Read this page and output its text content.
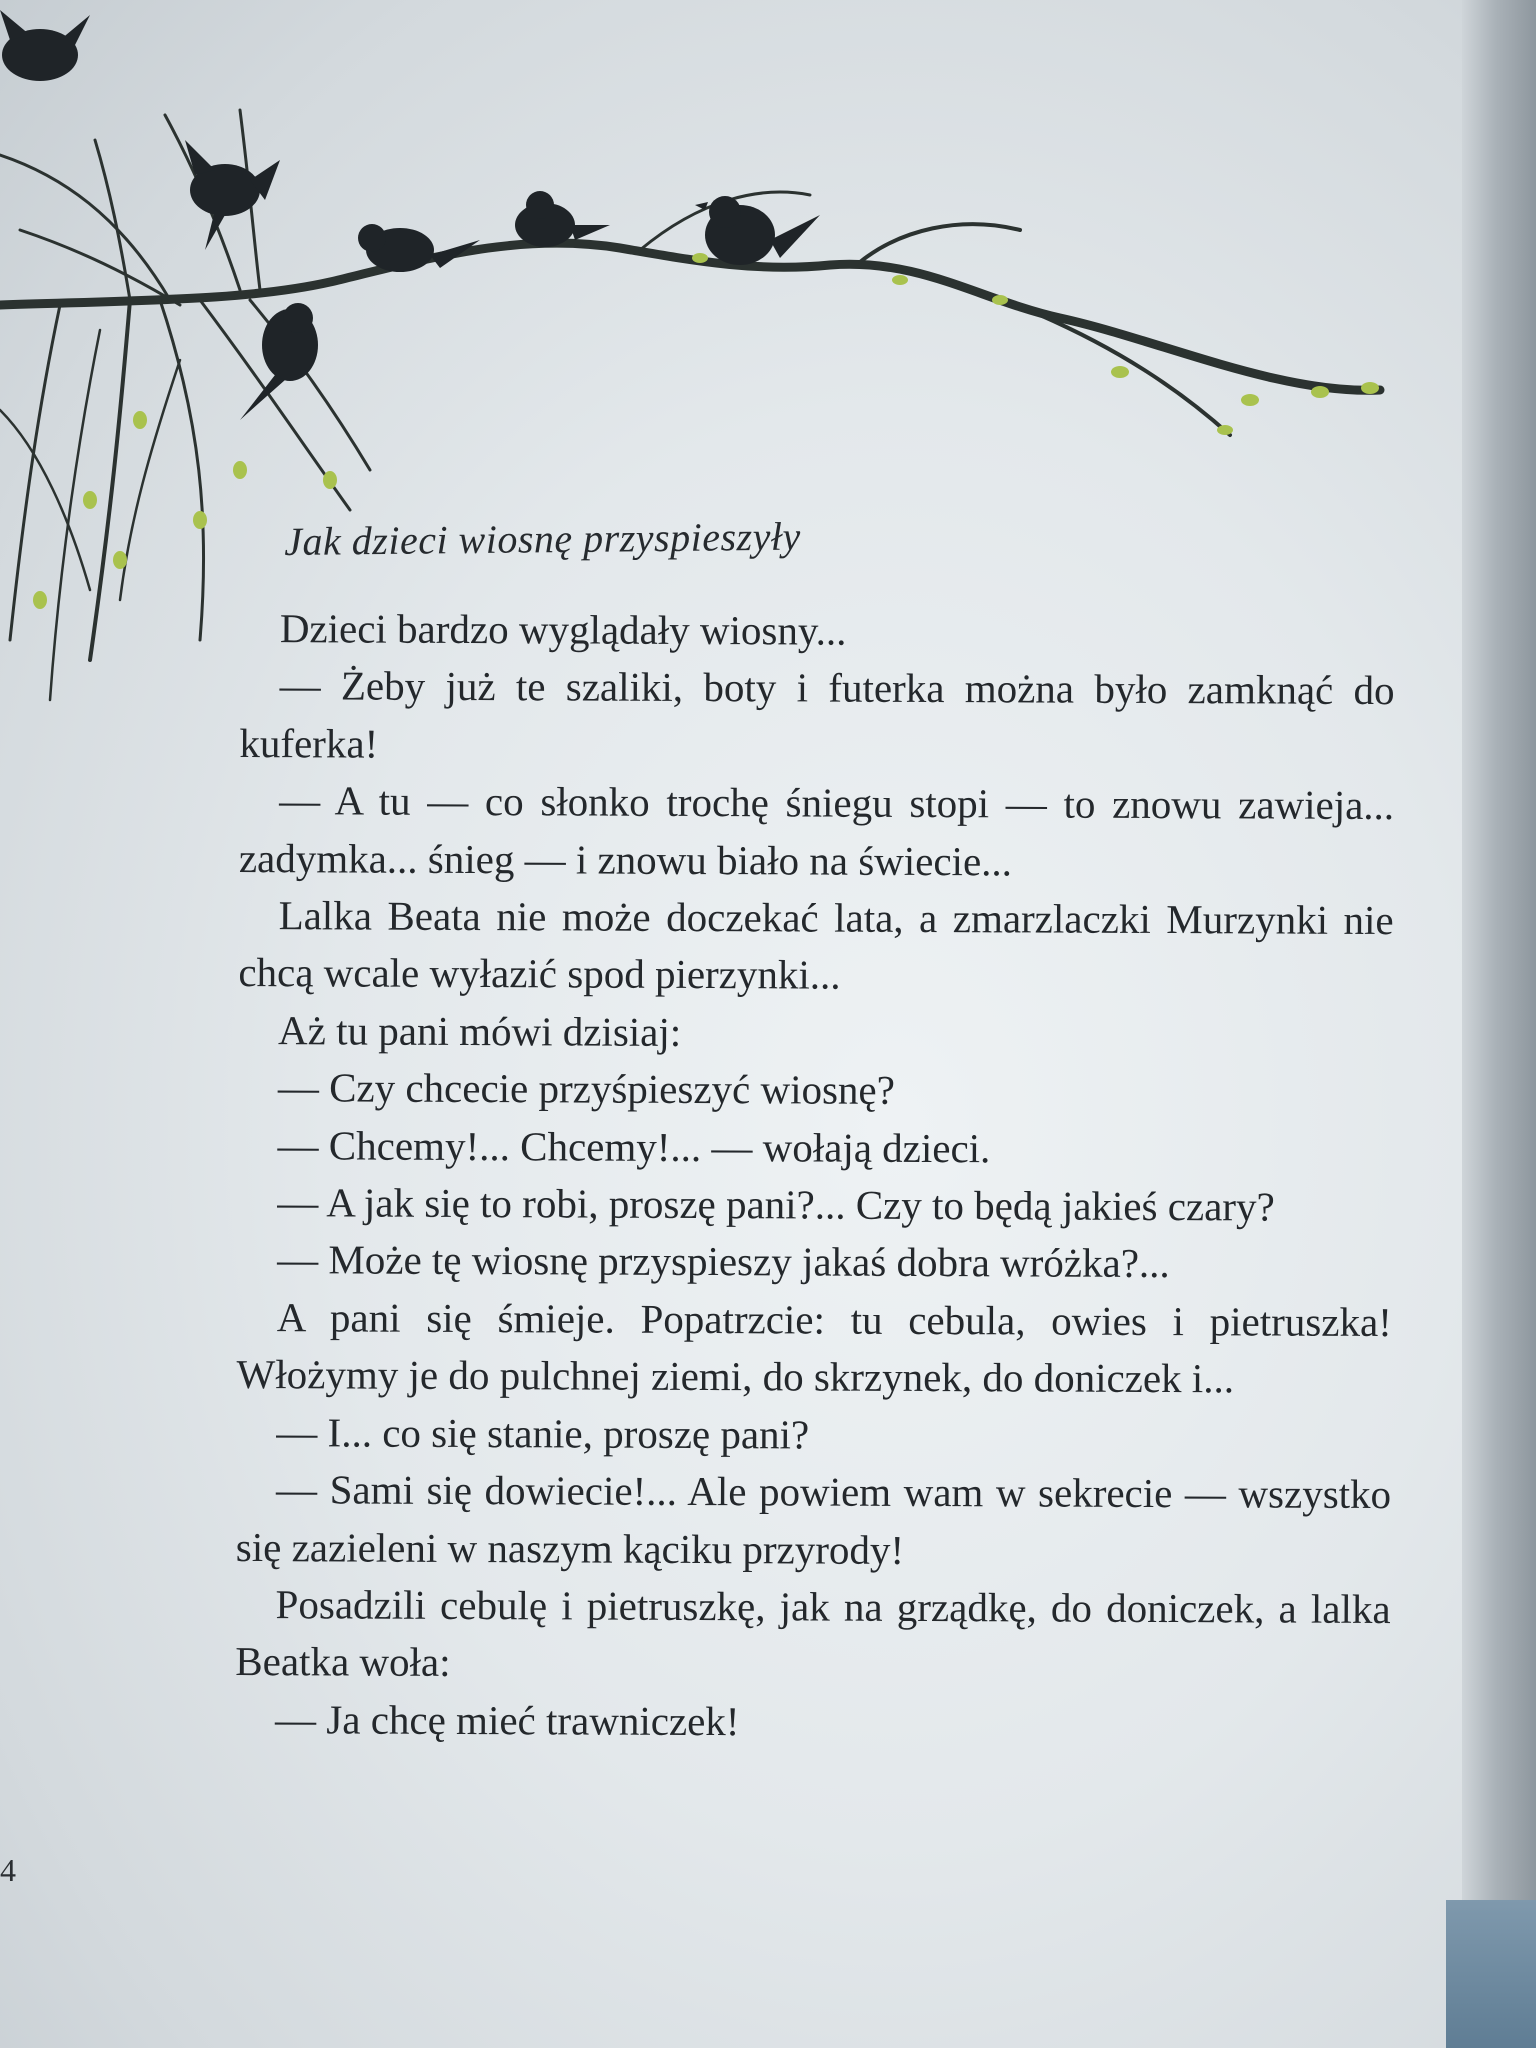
Jak dzieci wiosnę przyspieszyły

Dzieci bardzo wyglądały wiosny...

— Żeby już te szaliki, boty i futerka można było zamknąć do kuferka!

— A tu — co słonko trochę śniegu stopi — to znowu zawieja... zadymka... śnieg — i znowu biało na świecie...

Lalka Beata nie może doczekać lata, a zmarzlaczki Murzynki nie chcą wcale wyłazić spod pierzynki...

Aż tu pani mówi dzisiaj:

— Czy chcecie przyśpieszyć wiosnę?

— Chcemy!... Chcemy!... — wołają dzieci.

— A jak się to robi, proszę pani?... Czy to będą jakieś czary?

— Może tę wiosnę przyspieszy jakaś dobra wróżka?...

A pani się śmieje. Popatrzcie: tu cebula, owies i pietruszka! Włożymy je do pulchnej ziemi, do skrzynek, do doniczek i...

— I... co się stanie, proszę pani?

— Sami się dowiecie!... Ale powiem wam w sekrecie — wszystko się zazieleni w naszym kąciku przyrody!

Posadzili cebulę i pietruszkę, jak na grządkę, do doniczek, a lalka Beatka woła:

— Ja chcę mieć trawniczek!

4
